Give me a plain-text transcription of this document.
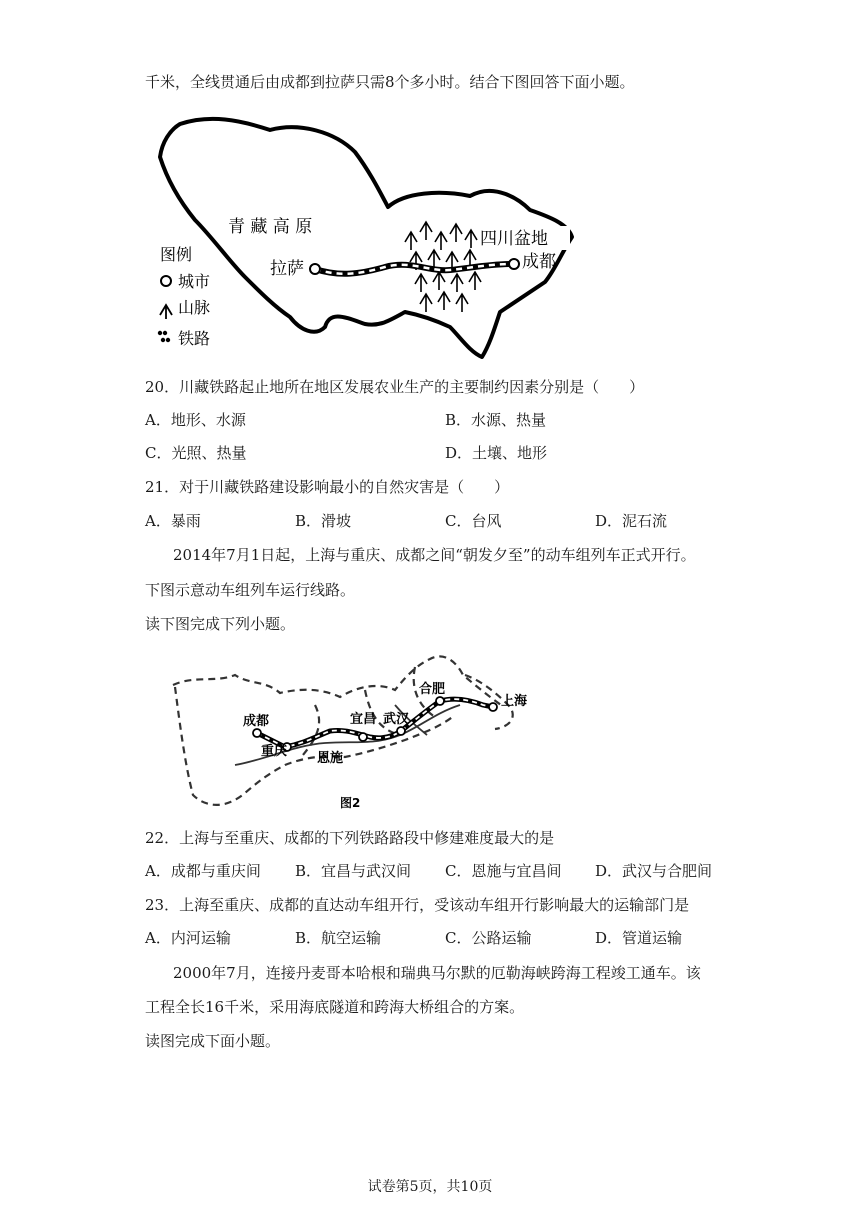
千米，全线贯通后由成都到拉萨只需8个多小时。结合下图回答下面小题。
青 藏 高 原
四川盆地
拉萨	成都
图例
城市
山脉
铁路
20．川藏铁路起止地所在地区发展农业生产的主要制约因素分别是（　　）
A．地形、水源	B．水源、热量
C．光照、热量	D．土壤、地形
21．对于川藏铁路建设影响最小的自然灾害是（　　）
A．暴雨	B．滑坡	C．台风	D．泥石流
2014年7月1日起，上海与重庆、成都之间“朝发夕至”的动车组列车正式开行。
下图示意动车组列车运行线路。
读下图完成下列小题。
成都
重庆 恩施
宜昌 武汉
合肥
上海
图2
22．上海与至重庆、成都的下列铁路路段中修建难度最大的是
A．成都与重庆间 B．宜昌与武汉间 C．恩施与宜昌间 D．武汉与合肥间
23．上海至重庆、成都的直达动车组开行，受该动车组开行影响最大的运输部门是
A．内河运输	B．航空运输	C．公路运输	D．管道运输
2000年7月，连接丹麦哥本哈根和瑞典马尔默的厄勒海峡跨海工程竣工通车。该
工程全长16千米，采用海底隧道和跨海大桥组合的方案。
读图完成下面小题。
试卷第5页，共10页
